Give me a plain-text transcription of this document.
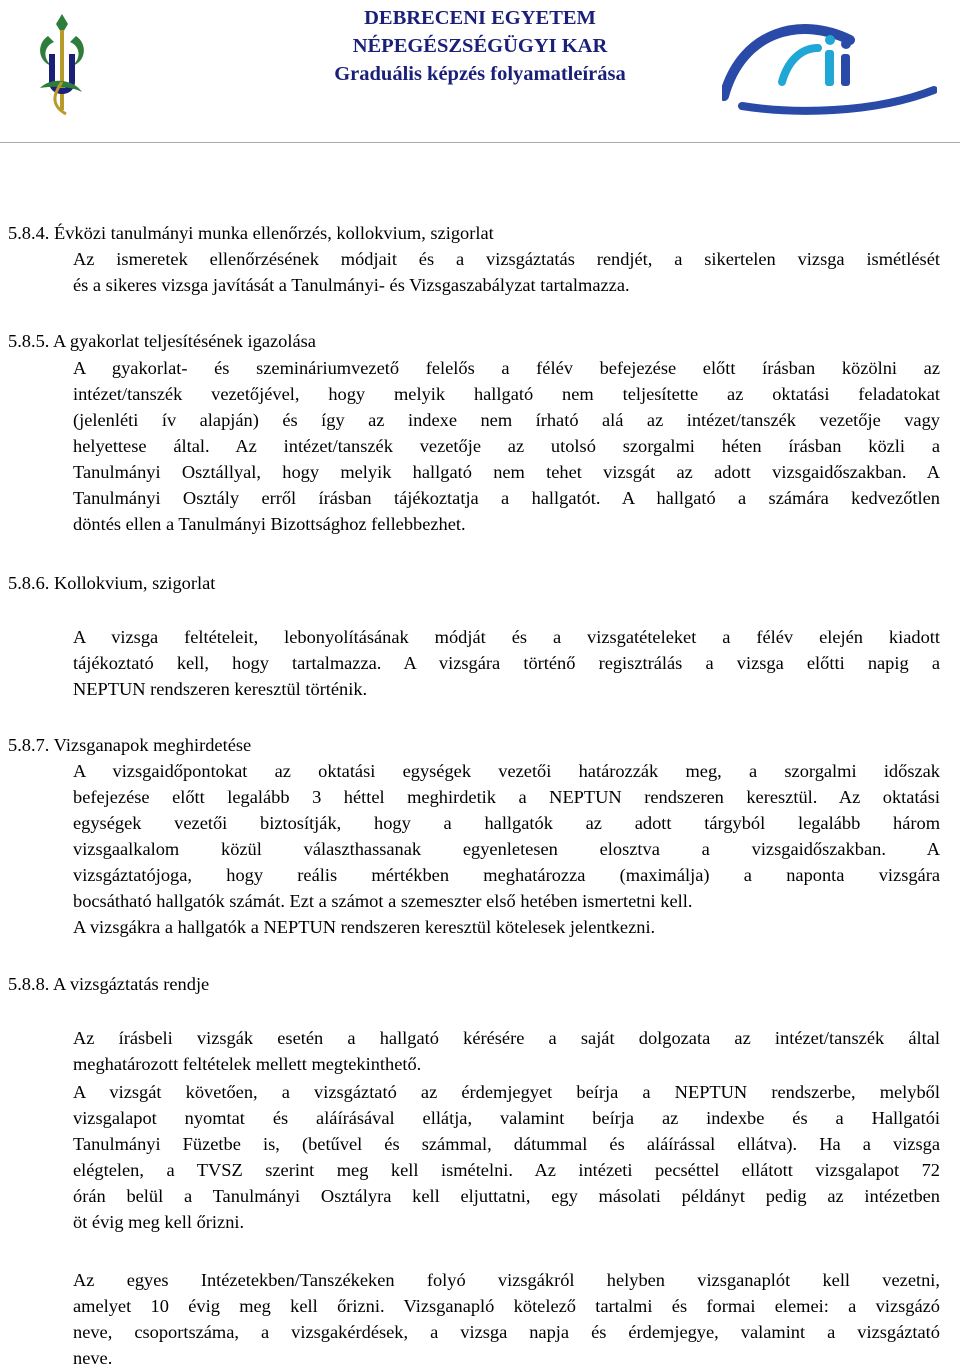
DEBRECENI EGYETEM
NÉPEGÉSZSÉGÜGYI KAR
Graduális képzés folyamatleírása
5.8.4. Évközi tanulmányi munka ellenőrzés, kollokvium, szigorlat
Az ismeretek ellenőrzésének módjait és a vizsgáztatás rendjét, a sikertelen vizsga ismétlését
és a sikeres vizsga javítását a Tanulmányi- és Vizsgaszabályzat tartalmazza.
5.8.5. A gyakorlat teljesítésének igazolása
A gyakorlat- és szemináriumvezető felelős a félév befejezése előtt írásban közölni az
intézet/tanszék vezetőjével, hogy melyik hallgató nem teljesítette az oktatási feladatokat
(jelenléti ív alapján) és így az indexe nem írható alá az intézet/tanszék vezetője vagy
helyettese által. Az intézet/tanszék vezetője az utolsó szorgalmi héten írásban közli a
Tanulmányi Osztállyal, hogy melyik hallgató nem tehet vizsgát az adott vizsgaidőszakban. A
Tanulmányi Osztály erről írásban tájékoztatja a hallgatót. A hallgató a számára kedvezőtlen
döntés ellen a Tanulmányi Bizottsághoz fellebbezhet.
5.8.6. Kollokvium, szigorlat
A vizsga feltételeit, lebonyolításának módját és a vizsgatételeket a félév elején kiadott
tájékoztató kell, hogy tartalmazza. A vizsgára történő regisztrálás a vizsga előtti napig a
NEPTUN rendszeren keresztül történik.
5.8.7. Vizsganapok meghirdetése
A vizsgaidőpontokat az oktatási egységek vezetői határozzák meg, a szorgalmi időszak
befejezése előtt legalább 3 héttel meghirdetik a NEPTUN rendszeren keresztül. Az oktatási
egységek vezetői biztosítják, hogy a hallgatók az adott tárgyból legalább három
vizsgaalkalom közül választhassanak egyenletesen elosztva a vizsgaidőszakban. A
vizsgáztatójoga, hogy reális mértékben meghatározza (maximálja) a naponta vizsgára
bocsátható hallgatók számát. Ezt a számot a szemeszter első hetében ismertetni kell.
A vizsgákra a hallgatók a NEPTUN rendszeren keresztül kötelesek jelentkezni.
5.8.8. A vizsgáztatás rendje
Az írásbeli vizsgák esetén a hallgató kérésére a saját dolgozata az intézet/tanszék által
meghatározott feltételek mellett megtekinthető.
A vizsgát követően, a vizsgáztató az érdemjegyet beírja a NEPTUN rendszerbe, melyből
vizsgalapot nyomtat és aláírásával ellátja, valamint beírja az indexbe és a Hallgatói
Tanulmányi Füzetbe is, (betűvel és számmal, dátummal és aláírással ellátva). Ha a vizsga
elégtelen, a TVSZ szerint meg kell ismételni. Az intézeti pecséttel ellátott vizsgalapot 72
órán belül a Tanulmányi Osztályra kell eljuttatni, egy másolati példányt pedig az intézetben
öt évig meg kell őrizni.
Az egyes Intézetekben/Tanszékeken folyó vizsgákról helyben vizsganaplót kell vezetni,
amelyet 10 évig meg kell őrizni. Vizsganapló kötelező tartalmi és formai elemei: a vizsgázó
neve, csoportszáma, a vizsgakérdések, a vizsga napja és érdemjegye, valamint a vizsgáztató
neve.
